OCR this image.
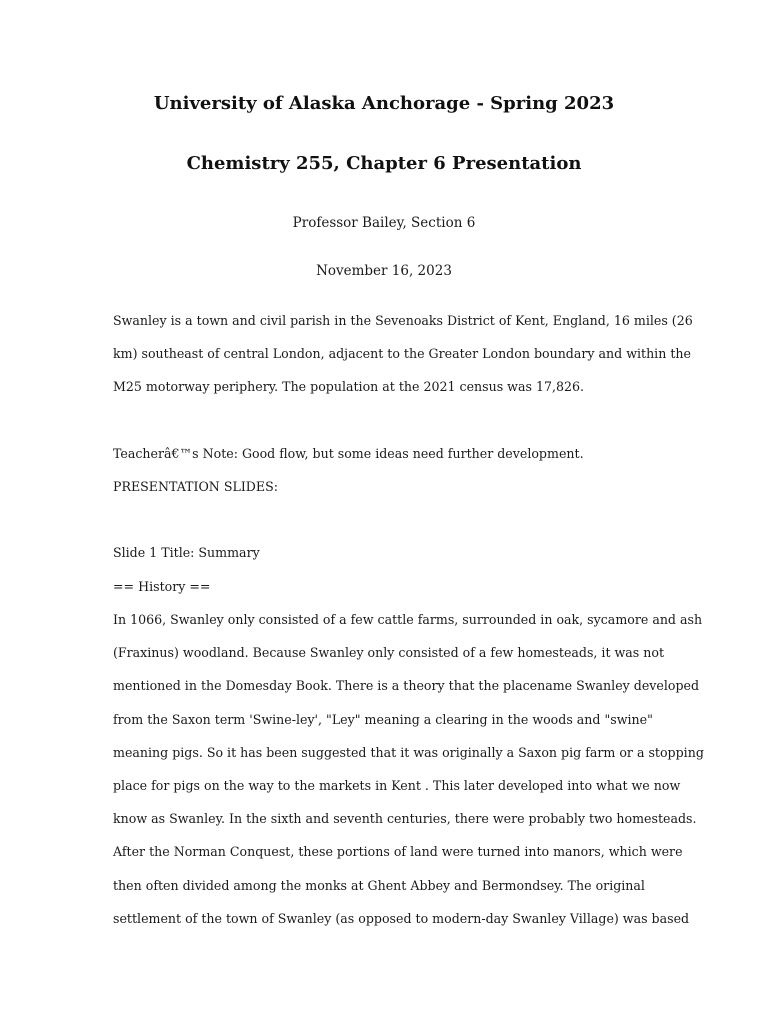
University of Alaska Anchorage - Spring 2023
Chemistry 255, Chapter 6 Presentation

Professor Bailey, Section 6

November 16, 2023

Swanley is a town and civil parish in the Sevenoaks District of Kent, England, 16 miles (26
km) southeast of central London, adjacent to the Greater London boundary and within the
M25 motorway periphery. The population at the 2021 census was 17,826.

Teacherâ€™s Note: Good flow, but some ideas need further development.

PRESENTATION SLIDES:

Slide 1 Title: Summary

== History ==

In 1066, Swanley only consisted of a few cattle farms, surrounded in oak, sycamore and ash
(Fraxinus) woodland. Because Swanley only consisted of a few homesteads, it was not
mentioned in the Domesday Book. There is a theory that the placename Swanley developed
from the Saxon term 'Swine-ley', "Ley" meaning a clearing in the woods and "swine"
meaning pigs. So it has been suggested that it was originally a Saxon pig farm or a stopping
place for pigs on the way to the markets in Kent . This later developed into what we now
know as Swanley. In the sixth and seventh centuries, there were probably two homesteads.
After the Norman Conquest, these portions of land were turned into manors, which were
then often divided among the monks at Ghent Abbey and Bermondsey. The original
settlement of the town of Swanley (as opposed to modern-day Swanley Village) was based
